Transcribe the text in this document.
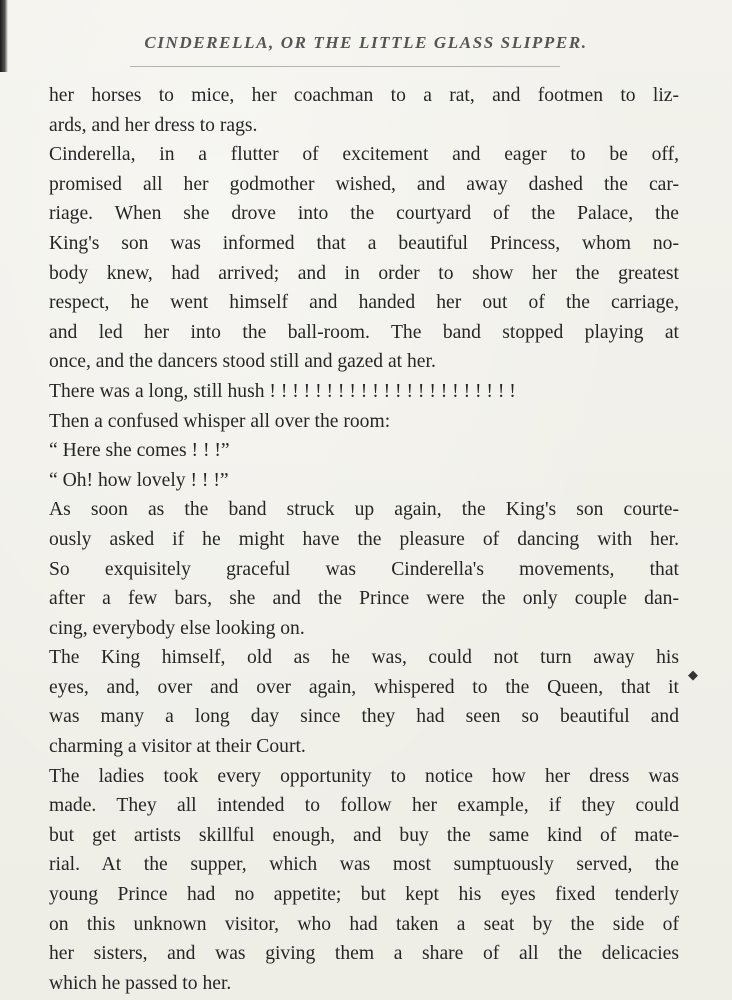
CINDERELLA, OR THE LITTLE GLASS SLIPPER.
her horses to mice, her coachman to a rat, and footmen to liz-
ards, and her dress to rags.
Cinderella, in a flutter of excitement and eager to be off,
promised all her godmother wished, and away dashed the car-
riage. When she drove into the courtyard of the Palace, the
King's son was informed that a beautiful Princess, whom no-
body knew, had arrived; and in order to show her the greatest
respect, he went himself and handed her out of the carriage,
and led her into the ball-room. The band stopped playing at
once, and the dancers stood still and gazed at her.
There was a long, still hush ! ! ! ! ! ! ! ! ! ! ! ! ! ! ! ! ! ! ! ! ! !
Then a confused whisper all over the room:
“ Here she comes ! ! !”
“ Oh! how lovely ! ! !”
As soon as the band struck up again, the King's son courte-
ously asked if he might have the pleasure of dancing with her.
So exquisitely graceful was Cinderella's movements, that
after a few bars, she and the Prince were the only couple dan-
cing, everybody else looking on.
The King himself, old as he was, could not turn away his
eyes, and, over and over again, whispered to the Queen, that it
was many a long day since they had seen so beautiful and
charming a visitor at their Court.
The ladies took every opportunity to notice how her dress was
made. They all intended to follow her example, if they could
but get artists skillful enough, and buy the same kind of mate-
rial. At the supper, which was most sumptuously served, the
young Prince had no appetite; but kept his eyes fixed tenderly
on this unknown visitor, who had taken a seat by the side of
her sisters, and was giving them a share of all the delicacies
which he passed to her.
◆
